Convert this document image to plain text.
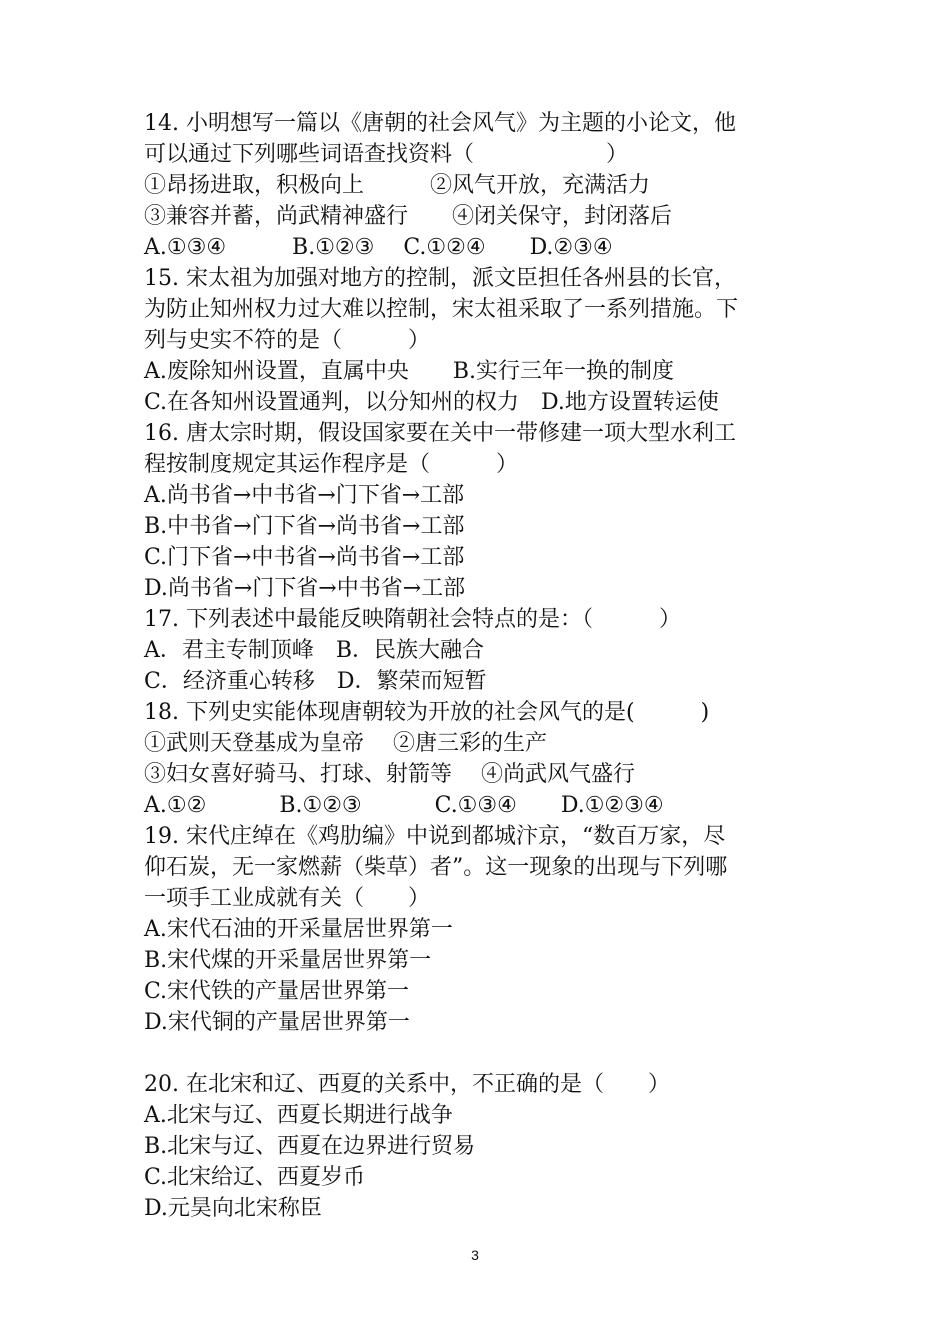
14. 小明想写一篇以《唐朝的社会风气》为主题的小论文，他
可以通过下列哪些词语查找资料（　　　　　　）
①昂扬进取，积极向上　　　②风气开放，充满活力
③兼容并蓄，尚武精神盛行　　④闭关保守，封闭落后
A.①③④　　　B.①②③　 C.①②④　　D.②③④
15. 宋太祖为加强对地方的控制，派文臣担任各州县的长官，
为防止知州权力过大难以控制，宋太祖采取了一系列措施。下
列与史实不符的是（　　　）
A.废除知州设置，直属中央　　B.实行三年一换的制度
C.在各知州设置通判，以分知州的权力　D.地方设置转运使
16. 唐太宗时期，假设国家要在关中一带修建一项大型水利工
程按制度规定其运作程序是（　　　）
A.尚书省→中书省→门下省→工部
B.中书省→门下省→尚书省→工部
C.门下省→中书省→尚书省→工部
D.尚书省→门下省→中书省→工部
17. 下列表述中最能反映隋朝社会特点的是：（　　　）
A．君主专制顶峰　B．民族大融合
C．经济重心转移　D．繁荣而短暂
18. 下列史实能体现唐朝较为开放的社会风气的是(　　　)
①武则天登基成为皇帝　 ②唐三彩的生产
③妇女喜好骑马、打球、射箭等　 ④尚武风气盛行
A.①②　　　 B.①②③　　　 C.①③④　　D.①②③④
19. 宋代庄绰在《鸡肋编》中说到都城汴京，“数百万家，尽
仰石炭，无一家燃薪（柴草）者”。这一现象的出现与下列哪
一项手工业成就有关（　　）
A.宋代石油的开采量居世界第一
B.宋代煤的开采量居世界第一
C.宋代铁的产量居世界第一
D.宋代铜的产量居世界第一
20. 在北宋和辽、西夏的关系中，不正确的是（　　）
A.北宋与辽、西夏长期进行战争
B.北宋与辽、西夏在边界进行贸易
C.北宋给辽、西夏岁币
D.元昊向北宋称臣
3
